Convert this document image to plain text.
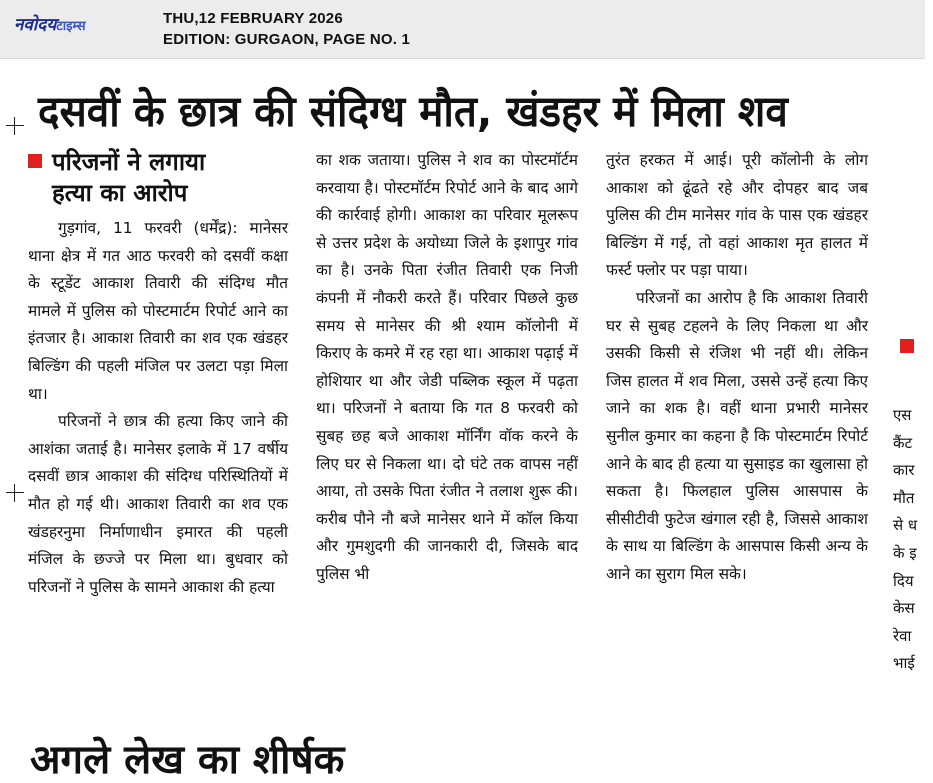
नवोदयटाइम्स	THU,12 FEBRUARY 2026
EDITION: GURGAON, PAGE NO. 1
दसवीं के छात्र की संदिग्ध मौत, खंडहर में मिला शव
परिजनों ने लगाया
हत्या का आरोप

गुड़गांव, 11 फरवरी (धर्मेंद्र): मानेसर थाना क्षेत्र में गत आठ फरवरी को दसवीं कक्षा के स्टूडेंट आकाश तिवारी की संदिग्ध मौत मामले में पुलिस को पोस्टमार्टम रिपोर्ट आने का इंतजार है। आकाश तिवारी का शव एक खंडहर बिल्डिंग की पहली मंजिल पर उलटा पड़ा मिला था।

परिजनों ने छात्र की हत्या किए जाने की आशंका जताई है। मानेसर इलाके में 17 वर्षीय दसवीं छात्र आकाश की संदिग्ध परिस्थितियों में मौत हो गई थी। आकाश तिवारी का शव एक खंडहरनुमा निर्माणाधीन इमारत की पहली मंजिल के छज्जे पर मिला था। बुधवार को परिजनों ने पुलिस के सामने आकाश की हत्या

का शक जताया। पुलिस ने शव का पोस्टमॉर्टम करवाया है। पोस्टमॉर्टम रिपोर्ट आने के बाद आगे की कार्रवाई होगी। आकाश का परिवार मूलरूप से उत्तर प्रदेश के अयोध्या जिले के इशापुर गांव का है। उनके पिता रंजीत तिवारी एक निजी कंपनी में नौकरी करते हैं। परिवार पिछले कुछ समय से मानेसर की श्री श्याम कॉलोनी में किराए के कमरे में रह रहा था। आकाश पढ़ाई में होशियार था और जेडी पब्लिक स्कूल में पढ़ता था। परिजनों ने बताया कि गत 8 फरवरी को सुबह छह बजे आकाश मॉर्निंग वॉक करने के लिए घर से निकला था। दो घंटे तक वापस नहीं आया, तो उसके पिता रंजीत ने तलाश शुरू की। करीब पौने नौ बजे मानेसर थाने में कॉल किया और गुमशुदगी की जानकारी दी, जिसके बाद पुलिस भी

तुरंत हरकत में आई। पूरी कॉलोनी के लोग आकाश को ढूंढते रहे और दोपहर बाद जब पुलिस की टीम मानेसर गांव के पास एक खंडहर बिल्डिंग में गई, तो वहां आकाश मृत हालत में फर्स्ट फ्लोर पर पड़ा पाया।

परिजनों का आरोप है कि आकाश तिवारी घर से सुबह टहलने के लिए निकला था और उसकी किसी से रंजिश भी नहीं थी। लेकिन जिस हालत में शव मिला, उससे उन्हें हत्या किए जाने का शक है। वहीं थाना प्रभारी मानेसर सुनील कुमार का कहना है कि पोस्टमार्टम रिपोर्ट आने के बाद ही हत्या या सुसाइड का खुलासा हो सकता है। फिलहाल पुलिस आसपास के सीसीटीवी फुटेज खंगाल रही है, जिससे आकाश के साथ या बिल्डिंग के आसपास किसी अन्य के आने का सुराग मिल सके।

एस
कैंट
कार
मौत
से ध
के इ
दिय
केस
रेवा
भाई
अगले लेख का शीर्षक
